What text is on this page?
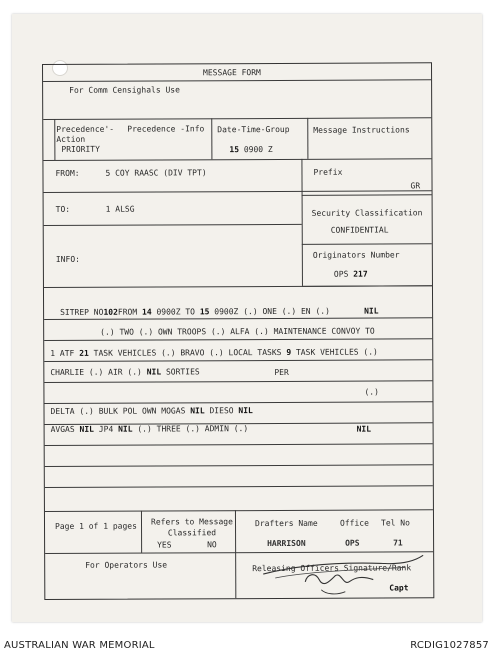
MESSAGE FORM
For Comm Censighals Use
Precedence'-
Action
PRIORITY
Precedence -Info Date-Time-Group
15 0900 Z
Message Instructions
FROM:	5 COY RAASC (DIV TPT)	Prefix
GR
TO:	1 ALSG	Security Classification
CONFIDENTIAL
INFO:	Originators Number
OPS 217
SITREP NO102FROM 14 0900Z TO 15 0900Z (.) ONE (.) EN (.)	NIL
(.) TWO (.) OWN TROOPS (.) ALFA (.) MAINTENANCE CONVOY TO
1 ATF 21 TASK VEHICLES (.) BRAVO (.) LOCAL TASKS 9 TASK VEHICLES (.)
CHARLIE (.) AIR (.) NIL SORTIES	PER
(.)
DELTA (.) BULK POL OWN MOGAS NIL DIESO NIL
AVGAS NIL JP4 NIL (.) THREE (.) ADMIN (.)	NIL
Page 1 of 1 pages Refers to Message
Classified
YES	NO
Drafters Name	Office Tel No
HARRISON	OPS	71
For Operators Use	Releasing Officers Signature/Rank
Capt
AUSTRALIAN WAR MEMORIAL	RCDIG1027857
